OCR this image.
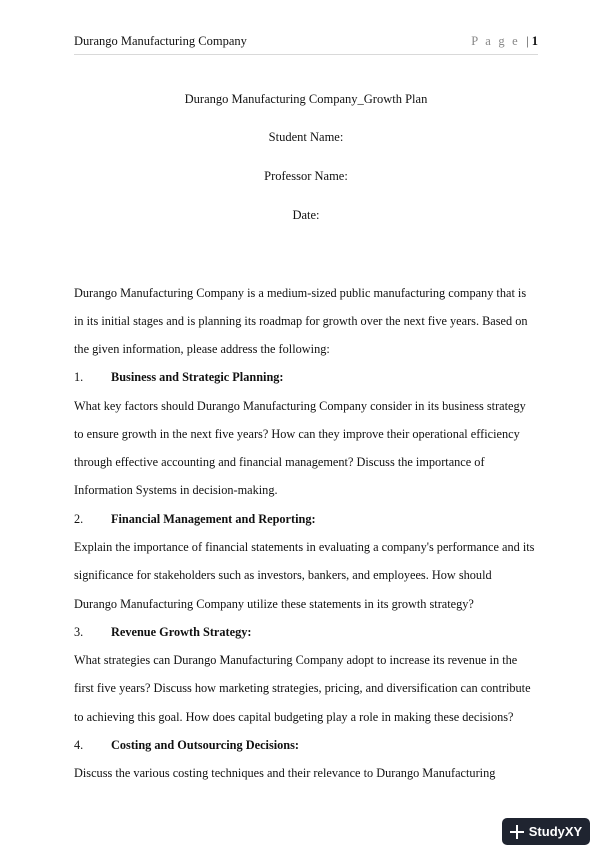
Durango Manufacturing Company	P a g e | 1
Durango Manufacturing Company_Growth Plan
Student Name:
Professor Name:
Date:
Durango Manufacturing Company is a medium-sized public manufacturing company that is
in its initial stages and is planning its roadmap for growth over the next five years. Based on
the given information, please address the following:
1. Business and Strategic Planning:
What key factors should Durango Manufacturing Company consider in its business strategy
to ensure growth in the next five years? How can they improve their operational efficiency
through effective accounting and financial management? Discuss the importance of
Information Systems in decision-making.
2. Financial Management and Reporting:
Explain the importance of financial statements in evaluating a company's performance and its
significance for stakeholders such as investors, bankers, and employees. How should
Durango Manufacturing Company utilize these statements in its growth strategy?
3. Revenue Growth Strategy:
What strategies can Durango Manufacturing Company adopt to increase its revenue in the
first five years? Discuss how marketing strategies, pricing, and diversification can contribute
to achieving this goal. How does capital budgeting play a role in making these decisions?
4. Costing and Outsourcing Decisions:
Discuss the various costing techniques and their relevance to Durango Manufacturing
StudyXY
